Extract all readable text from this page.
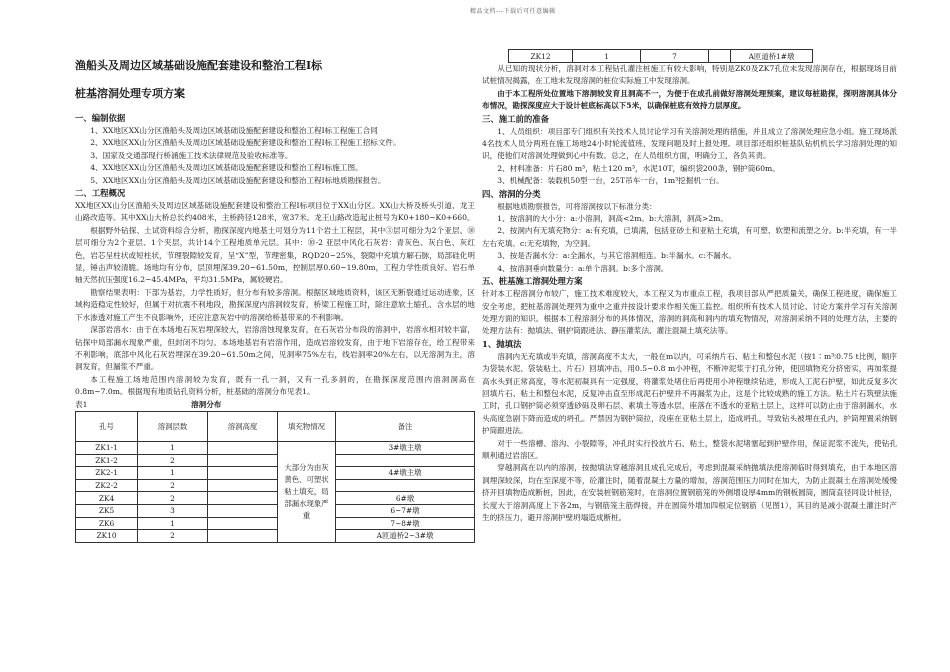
精品文档---下载后可任意编辑
渔船头及周边区域基础设施配套建设和整治工程Ⅰ标
桩基溶洞处理专项方案
一、编制依据
1、XX地区XX山分区渔船头及周边区域基础设施配套建设和整治工程Ⅰ标工程施工合同
2、XX地区XX山分区渔船头及周边区域基础设施配套建设和整治工程Ⅰ标工程施工招标文件。
3、国家及交通部现行桥涵施工技术法律规范及验收标准等。
4、XX地区XX山分区渔船头及周边区域基础设施配套建设和整治工程Ⅰ标施工图。
5、XX地区XX山分区渔船头及周边区域基础设施配套建设和整治工程Ⅰ标地质勘探报告。
二、工程概况
XX地区XX山分区渔船头及周边区域基础设施配套建设和整治工程Ⅰ标项目位于XX山分区。XX山大桥及桥头引道、龙王山路改造等。其中XX山大桥总长约408米，主桥跨径128米，宽37米。龙王山路改造起止桩号为K0+180~K0+660。
根据野外钻探、土试资料综合分析，勘探深度内地基土可划分为11个岩土工程层，其中③层可细分为2个亚层、⑩层可细分为2个亚层、1个夹层，共计14个工程地质单元层。其中：⑩-2 亚层中风化石灰岩：青灰色、灰白色、灰红色，岩芯呈柱状或短柱状，节理裂隙较发育，呈“X”型，节理密集，RQD20~25%，裂隙中充填方解石脉，局部硅化明显，锤击声较清脆。场地均有分布，层顶埋深39.20~61.50m，控制层厚0.60~19.80m，工程力学性质良好。岩石单轴天然抗压强度16.2~45.4MPa，平均31.5MPa，属较硬岩。
勘察结果表明：下部为基岩，力学性质好，但分布有较多溶洞。根据区域地质资料，该区无断裂通过运动迹象，区域构造稳定性较好，但属于对抗震不利地段，勘探深度内溶洞较发育，桥梁工程施工时，除注意软土缩孔、含水层的地下水渗透对施工产生不良影响外，还应注意灰岩中的溶洞给桥基带来的不利影响。
深部岩溶水：由于在本场地石灰岩埋深较大，岩溶溶蚀现象发育，在石灰岩分布段的溶洞中，岩溶水相对较丰富，钻探中局部漏水现象严重，但封闭不均匀。本场地基岩有岩溶作用，造成岩溶较发育，由于地下岩溶存在，给工程带来不利影响，底部中风化石灰岩埋深在39.20~61.50m之间，见洞率75%左右，线岩洞率20%左右，以无溶洞为主，溶洞发育，但漏浆不严重。
本工程施工场地范围内溶洞较为发育，既有一孔一洞，又有一孔多洞的，在勘探深度范围内溶洞洞高在0.8m~7.0m。根据现有地质钻孔资料分析，桩基础的溶洞分布见表1。
表1	溶洞分布
孔号	溶洞层数	溶洞高度	填充物情况	备注
ZK1-1	1		大部分为由灰黄色、可塑状粘土填充，局部漏水现象严重	3#墩主墩
ZK1-2	2			
ZK2-1	1			4#墩主墩
ZK2-2	2			
ZK4	2			6#墩
ZK5	3			6~7#墩
ZK6	1			7~8#墩
ZK10	2			A匝道桥2~3#墩
ZK12	1	7		A匝道桥1#墩
从已知的现状分析，溶洞对本工程钻孔灌注桩施工有较大影响，特别是ZK0及ZK7孔位未发现溶洞存在，根据现场目前试桩情况揭露，在工地未发现溶洞的桩位实际施工中发现溶洞。
由于本工程所处位置地下溶洞较发育且洞高不一，为便于在成孔前做好溶洞处理预案，建议每桩勘探，探明溶洞具体分布情况，勘探深度应大于设计桩底标高以下5米，以确保桩底有效持力层厚度。
三、施工前的准备
1、人员组织：项目部专门组织有关技术人员讨论学习有关溶洞处理的措施，并且成立了溶洞处理应急小组。施工现场派4名技术人员分两班在施工场地24小时轮流值班，发现问题及时上报处理。项目部还组织桩基队钻机机长学习溶洞处理的知识，使他们对溶洞处理做到心中有数。总之，在人员组织方面，明确分工，各负其责。
2、材料准备：片石80 m³，粘土120 m³，水泥10T，编织袋200条，钢护筒60m。
3、机械配备：装载机50型一台，25T吊车一台，1m³挖掘机一台。
四、溶洞的分类
根据地质勘察报告，可将溶洞按以下标准分类：
1、按溶洞的大小分：a:小溶洞，洞高<2m。b:大溶洞，洞高>2m。
2、按洞内有无填充物分：a:有充填，已填满，包括亚砂土和亚粘土充填，有可塑、软塑和流塑之分。b:半充填，有一半左右充填。c:无充填物，为空洞。
3、按是否漏水分：a:全漏水，与其它溶洞相连。b:半漏水。c:不漏水。
4、按溶洞垂向数量分：a:单个溶洞。b:多个溶洞。
五、桩基施工溶洞处理方案
针对本工程溶洞分布较广，施工技术难度较大，本工程又为市重点工程，我项目部从严把质量关，确保工程进度，确保施工安全考虑，把桩基溶洞处理列为重中之重并按设计要求作相关施工监控。组织所有技术人员讨论、讨论方案并学习有关溶洞处理方面的知识。根据本工程溶洞分布的具体情况，溶洞的洞高和洞内的填充物情况，对溶洞采纳不同的处理方法，主要的处理方法有：抛填法、钢护筒跟进法、静压灌浆法、灌注混凝土填充法等。
1、抛填法
溶洞内无充填或半充填，溶洞高度不太大，一般在m以内，可采纳片石、粘土和整包水泥（按1∶m³∶0.75 t比例，顺序为袋装水泥、袋装粘土、片石）回填冲击，用0.5~0.8 m小冲程，不断冲泥浆于打孔分钟，使回填物充分挤密实，再加浆提高水头到正常高度，等水泥初凝具有一定强度，将灌浆处堵住后再使用小冲程继续钻进，形成人工泥石护壁，如此反复多次回填片石、粘土和整包水泥，反复冲击直至形成泥石护壁并不再漏浆为止，这是个比较成熟的施工方法。粘土片石筑壁法施工时，孔口钢护筒必须穿透砂砾及卵石层、素填土等透水层，座落在不透水的亚粘土层上，这样可以防止由于溶洞漏水，水头高度急剧下降而造成的坍孔。严禁因为钢护筒拉，没座在亚粘土层上，造成坍孔，导致钻头被埋在孔内，护筒埋置采纳钢护筒跟进法。
对于一些溶槽、溶沟、小裂隙等，冲孔时实行投放片石、粘土，整袋水泥堵塞起到护壁作用，保证泥浆不流失，使钻孔顺利通过岩溶区。
穿越洞高在以内的溶洞，按抛填法穿越溶洞且成孔完成后，考虑到混凝采纳抛填法使溶洞临时得到填充，由于本地区溶洞埋深较深，均在至深度不等，砼灌注时，随着混凝土方量的增加，溶洞范围压力同时在加大，为防止混凝土在溶洞处缓慢挤开回填物造成断桩，因此，在安装桩钢筋笼时，在溶洞位置钢筋笼的外侧增设厚4mm的钢板圆筒，圆筒直径同设计桩径，长度大于溶洞高度上下各2m，与钢筋笼主筋焊接，并在圆筒外增加四根定位钢筋（见图1），其目的是减小混凝土灌注时产生的挤压力，避开溶洞护壁坍塌造成断桩。
